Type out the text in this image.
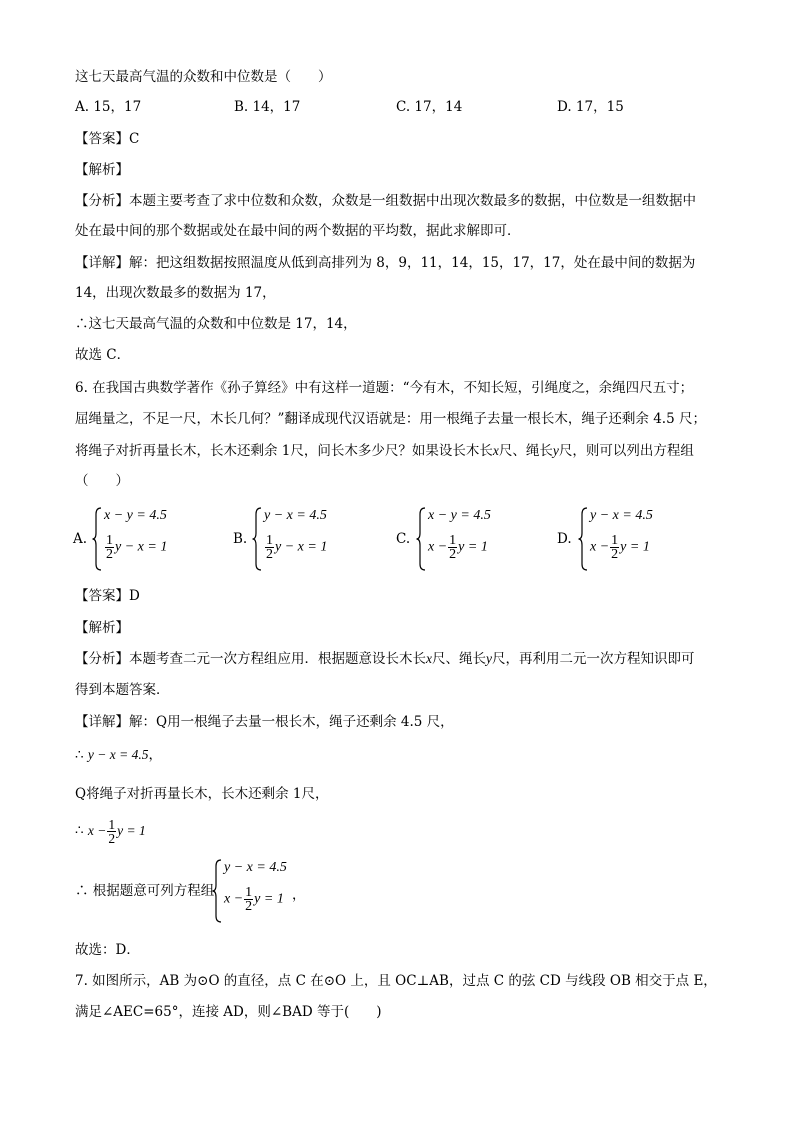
这七天最高气温的众数和中位数是（　　）
A. 15，17	B. 14，17	C. 17，14	D. 17，15
【答案】C
【解析】
【分析】本题主要考查了求中位数和众数，众数是一组数据中出现次数最多的数据，中位数是一组数据中
处在最中间的那个数据或处在最中间的两个数据的平均数，据此求解即可．
【详解】解：把这组数据按照温度从低到高排列为 8，9，11，14，15，17，17，处在最中间的数据为
14，出现次数最多的数据为 17，
∴这七天最高气温的众数和中位数是 17，14，
故选 C．
6. 在我国古典数学著作《孙子算经》中有这样一道题：“今有木，不知长短，引绳度之，余绳四尺五寸；
屈绳量之，不足一尺，木长几何？”翻译成现代汉语就是：用一根绳子去量一根长木，绳子还剩余 4.5 尺；
将绳子对折再量长木，长木还剩余 1尺，问长木多少尺？如果设长木长x尺、绳长y尺，则可以列出方程组
（　　）
A.
x − y = 4.5
$\frac{1}{2}$ y − x = 1
B.
y − x = 4.5
$\frac{1}{2}$ y − x = 1
C.
x − y = 4.5
$x - \frac{1}{2}$ y = 1
D.
y − x = 4.5
$x - \frac{1}{2}$ y = 1
【答案】D
【解析】
【分析】本题考查二元一次方程组应用．根据题意设长木长x尺、绳长y尺，再利用二元一次方程知识即可
得到本题答案．
【详解】解：Q用一根绳子去量一根长木，绳子还剩余 4.5 尺，
∴ y − x = 4.5，
Q将绳子对折再量长木，长木还剩余 1尺，
∴ $x - \frac{1}{2}$ y = 1
∴ 根据题意可列方程组
y − x = 4.5
$x - \frac{1}{2}$ y = 1 ，
故选：D．
7. 如图所示，AB 为⊙O 的直径，点 C 在⊙O 上，且 OC⊥AB，过点 C 的弦 CD 与线段 OB 相交于点 E，
满足∠AEC=65°，连接 AD，则∠BAD 等于(　　)
